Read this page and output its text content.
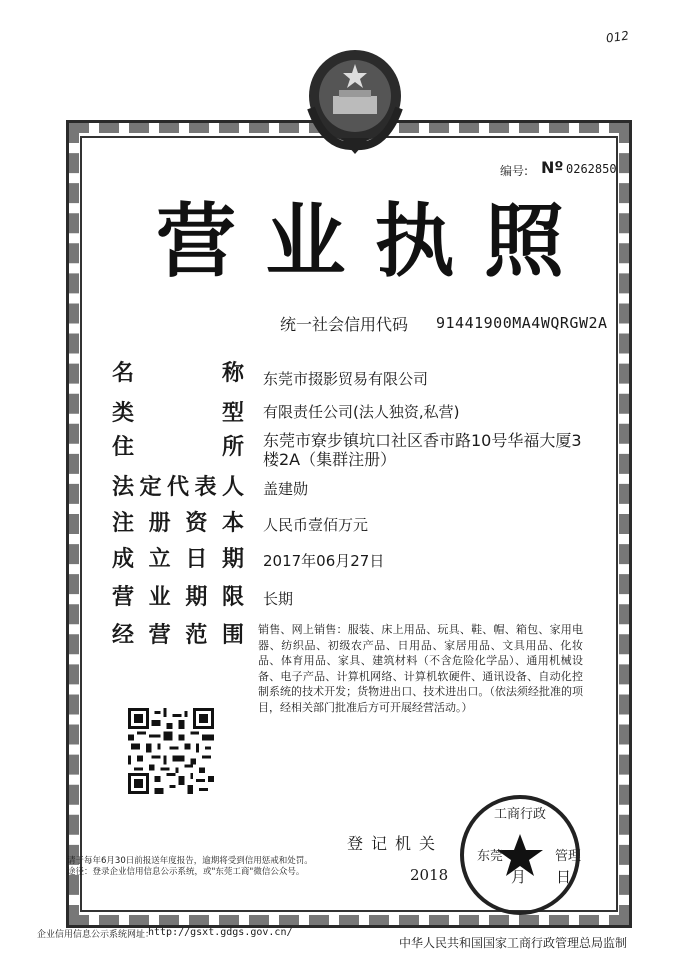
012
编号: Nº 0262850
营 业 执 照
统一社会信用代码 91441900MA4WQRGW2A
名	称 东莞市掇影贸易有限公司
类	型 有限责任公司(法人独资,私营)
住	所 东莞市寮步镇坑口社区香市路10号华福大厦3楼2A（集群注册）
法 定 代 表 人 盖建勋
注 册 资 本 人民币壹佰万元
成 立 日 期 2017年06月27日
营 业 期 限 长期
经 营 范 围 销售、网上销售：服装、床上用品、玩具、鞋、帽、箱包、家用电器、纺织品、初级农产品、日用品、家居用品、文具用品、化妆品、体育用品、家具、建筑材料（不含危险化学品）、通用机械设备、电子产品、计算机网络、计算机软硬件、通讯设备、自动化控制系统的技术开发；货物进出口、技术进出口。（依法须经批准的项目，经相关部门批准后方可开展经营活动。）
请于每年6月30日前报送年度报告，逾期将受到信用惩戒和处罚。
途径：登录企业信用信息公示系统，或"东莞工商"微信公众号。
登记机关
2018	月 日
工商行政
东莞	管理
企业信用信息公示系统网址：
http://gsxt.gdgs.gov.cn/
中华人民共和国国家工商行政管理总局监制
